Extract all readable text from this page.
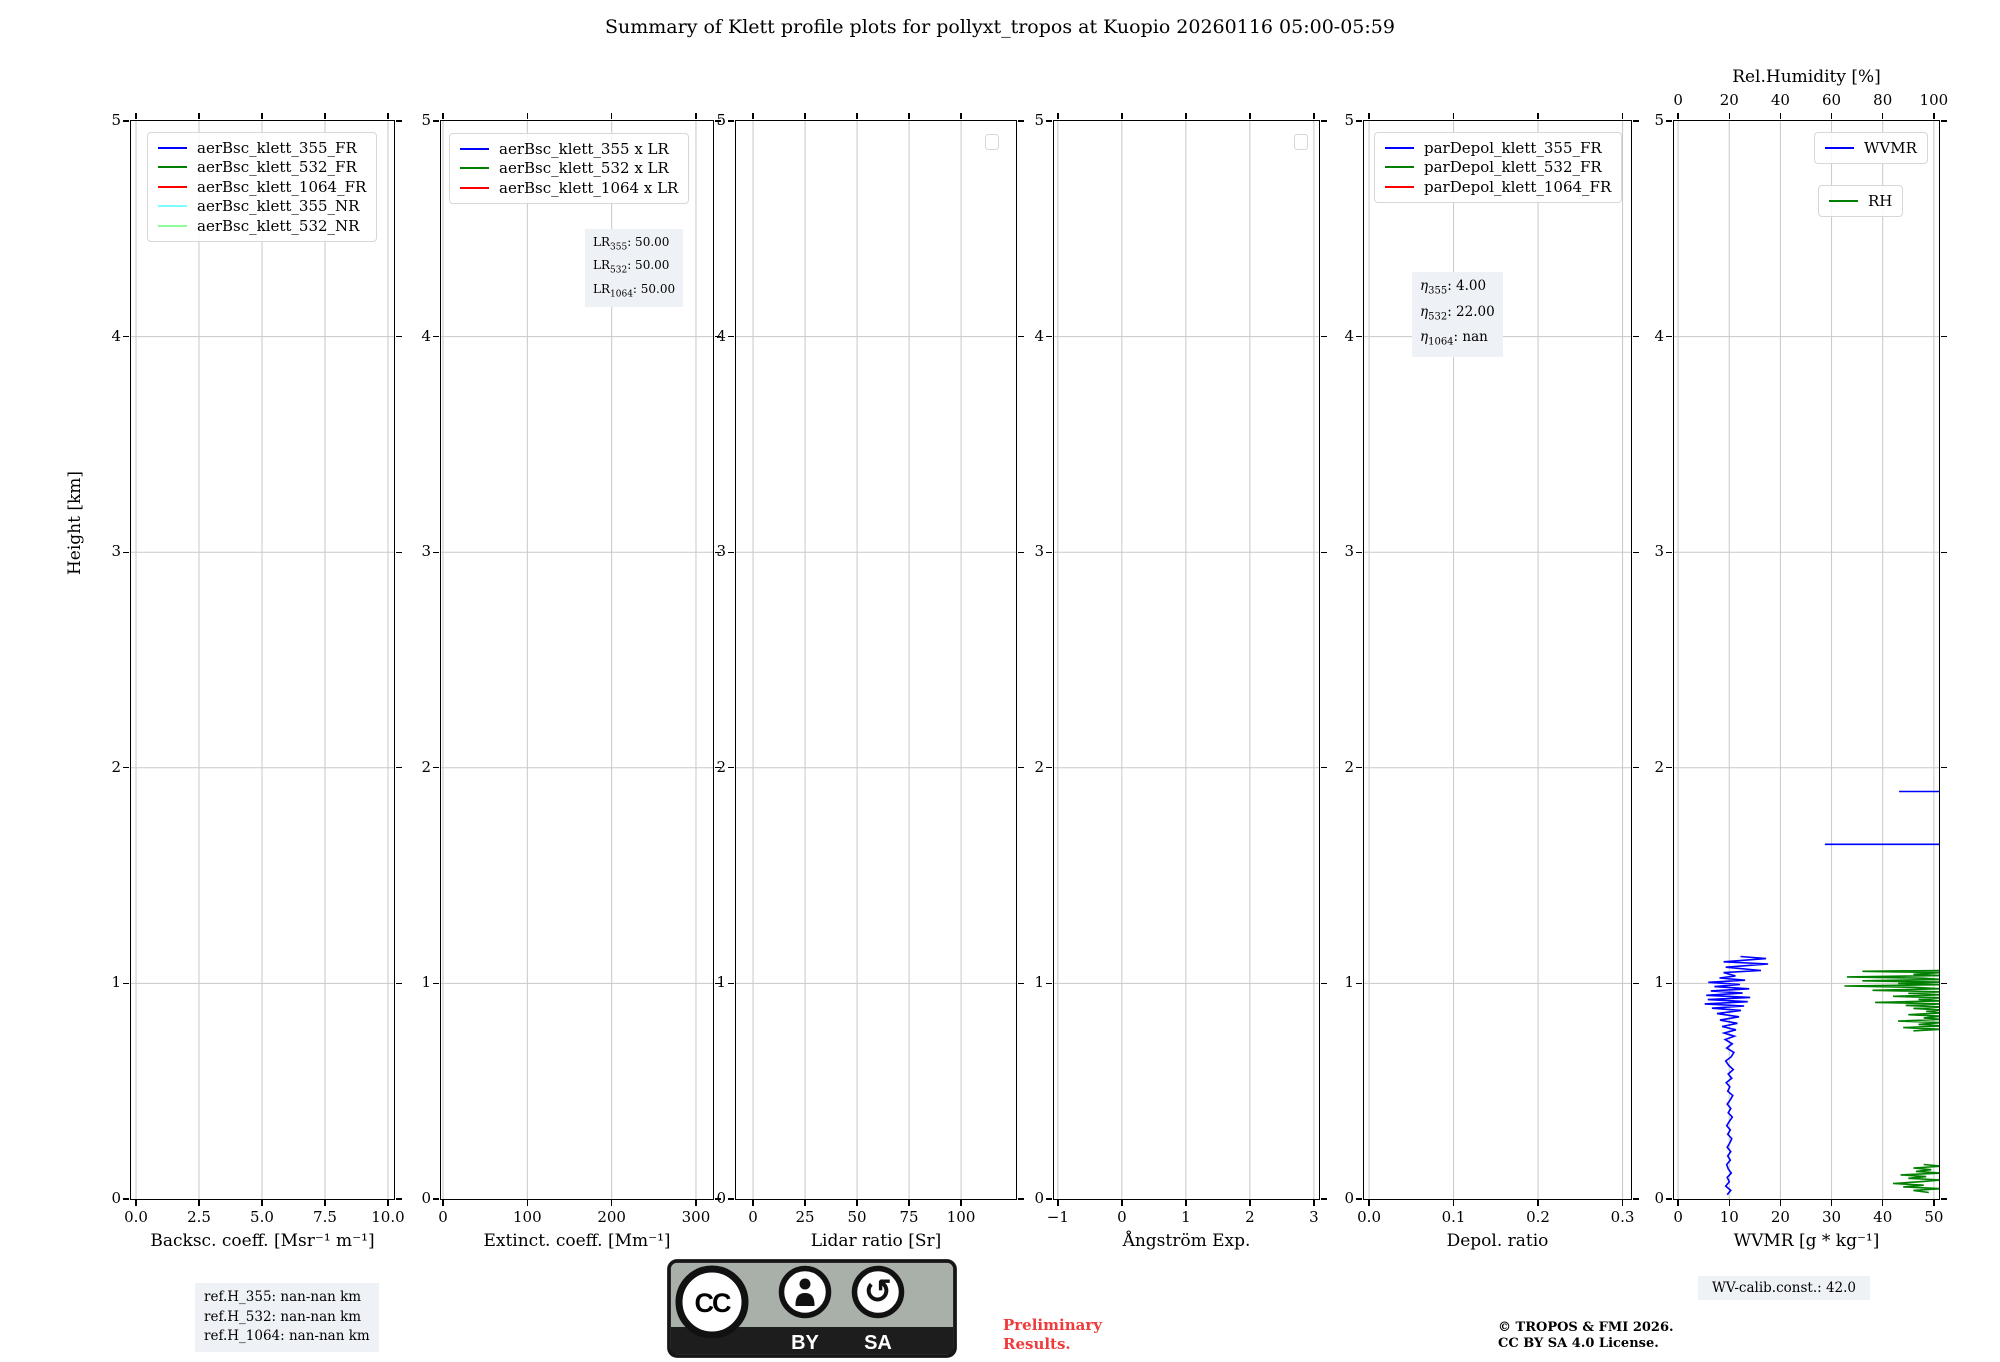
Summary of Klett profile plots for pollyxt_tropos at Kuopio 20260116 05:00-05:59
Height [km]
aerBsc_klett_355_FR
aerBsc_klett_532_FR
aerBsc_klett_1064_FR
aerBsc_klett_355_NR
aerBsc_klett_532_NR
0.0	2.5	5.0	7.5	10.0
0
1
2
3
4
5
Backsc. coeff. [Msr⁻¹ m⁻¹]
aerBsc_klett_355 x LR
aerBsc_klett_532 x LR
aerBsc_klett_1064 x LR
0	100	200	300
0
1
2
3
4
5
Extinct. coeff. [Mm⁻¹]
$LR_{355}$: 50.00
$LR_{532}$: 50.00
$LR_{1064}$: 50.00
0	25	50	75	100
0
1
2
3
4
5
Lidar ratio [Sr]
−1	0	1	2	3
0
1
2
3
4
5
Ångström Exp.
parDepol_klett_355_FR
parDepol_klett_532_FR
parDepol_klett_1064_FR
0.0	0.1	0.2	0.3
0
1
2
3
4
5
Depol. ratio
$\eta_{355}$: 4.00
$\eta_{532}$: 22.00
$\eta_{1064}$: nan
WVMR
RH
0	10	20	30	40	50
0	20	40	60	80	100
0
1
2
3
4
5
WVMR [g * kg⁻¹]
Rel.Humidity [%]
ref.H_355: nan-nan km
ref.H_532: nan-nan km
ref.H_1064: nan-nan km
CC	↺
BY SA
Preliminary
Results.
© TROPOS & FMI 2026.
CC BY SA 4.0 License.
WV-calib.const.: 42.0
